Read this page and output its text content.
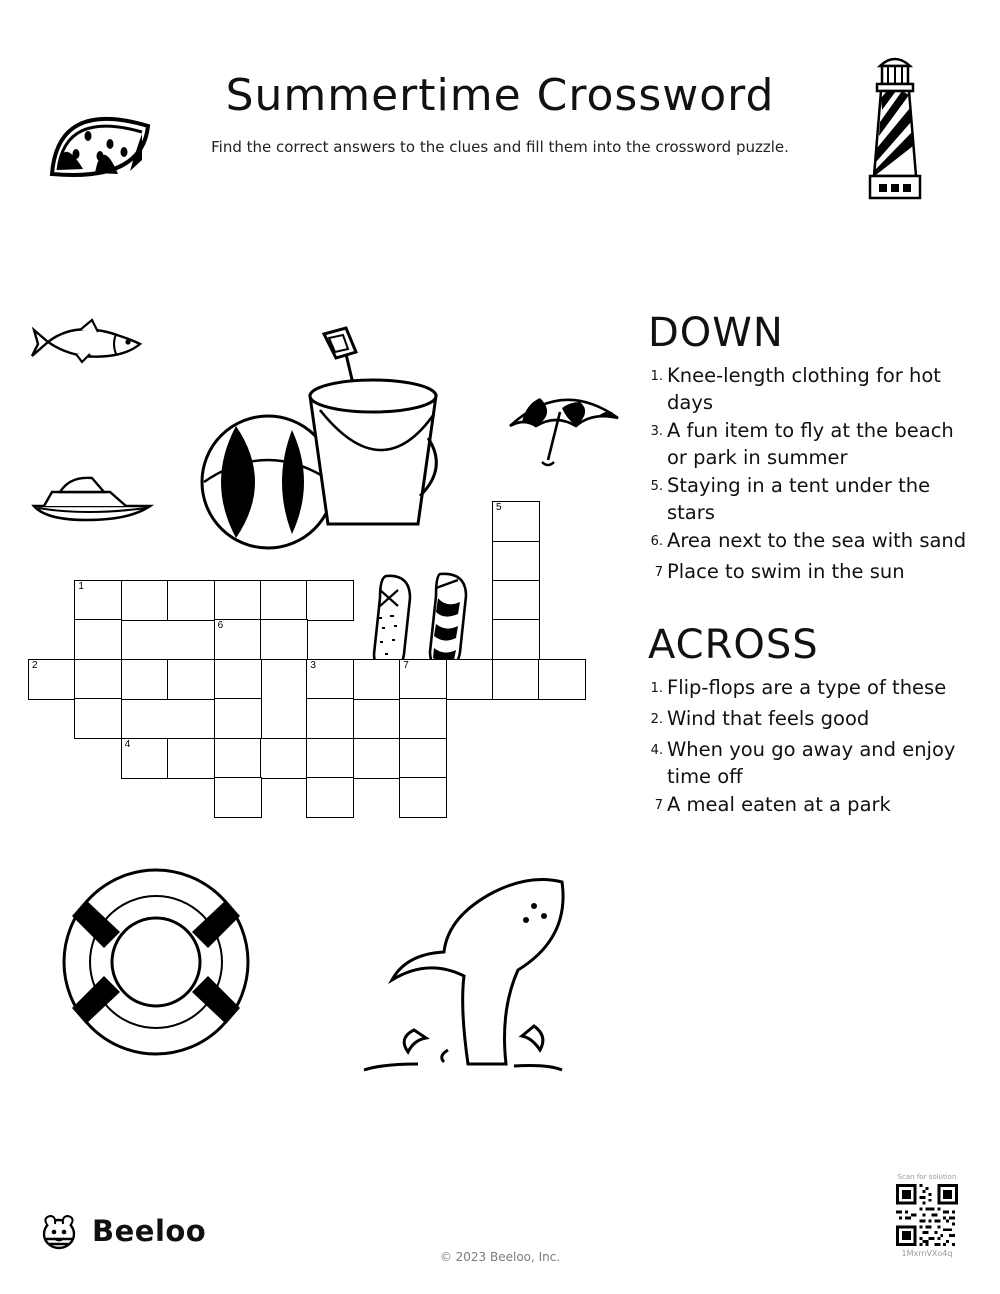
Summertime Crossword
Find the correct answers to the clues and fill them into the crossword puzzle.
1
5
6
2	3	7
4
DOWN
1. Knee-length clothing for hot days
3. A fun item to fly at the beach or park in summer
5. Staying in a tent under the stars
6. Area next to the sea with sand
7 Place to swim in the sun
ACROSS
1. Flip-flops are a type of these
2. Wind that feels good
4. When you go away and enjoy time off
7 A meal eaten at a park
Beeloo
© 2023 Beeloo, Inc.
Scan for solution
1MxrnVXo4q
